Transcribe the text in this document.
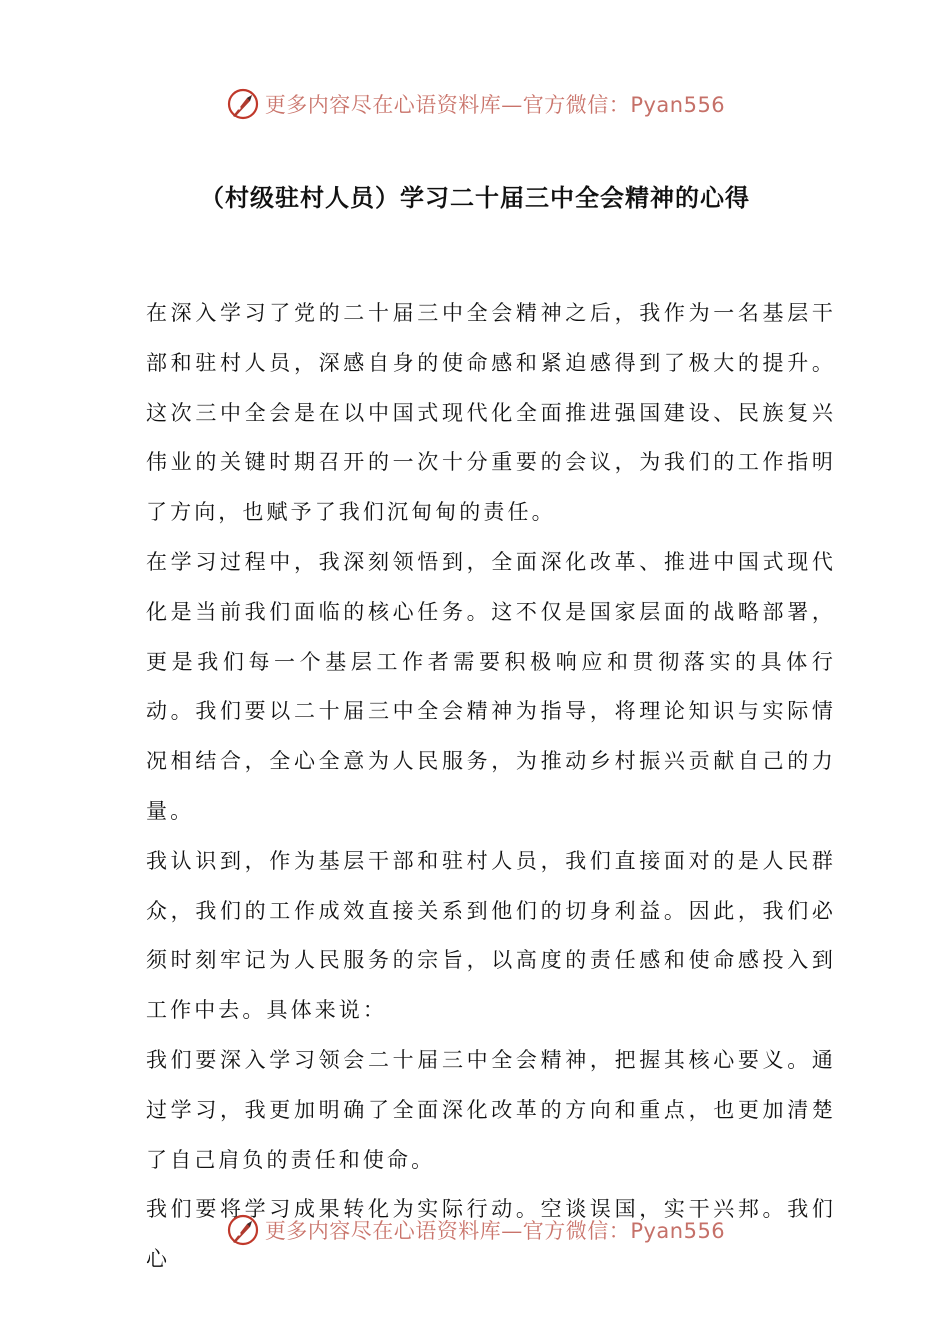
更多内容尽在心语资料库—官方微信：Pyan556
（村级驻村人员）学习二十届三中全会精神的心得

在深入学习了党的二十届三中全会精神之后，我作为一名基层干部和驻村人员，深感自身的使命感和紧迫感得到了极大的提升。这次三中全会是在以中国式现代化全面推进强国建设、民族复兴伟业的关键时期召开的一次十分重要的会议，为我们的工作指明了方向，也赋予了我们沉甸甸的责任。

在学习过程中，我深刻领悟到，全面深化改革、推进中国式现代化是当前我们面临的核心任务。这不仅是国家层面的战略部署，更是我们每一个基层工作者需要积极响应和贯彻落实的具体行动。我们要以二十届三中全会精神为指导，将理论知识与实际情况相结合，全心全意为人民服务，为推动乡村振兴贡献自己的力量。

我认识到，作为基层干部和驻村人员，我们直接面对的是人民群众，我们的工作成效直接关系到他们的切身利益。因此，我们必须时刻牢记为人民服务的宗旨，以高度的责任感和使命感投入到工作中去。具体来说：

我们要深入学习领会二十届三中全会精神，把握其核心要义。通过学习，我更加明确了全面深化改革的方向和重点，也更加清楚了自己肩负的责任和使命。

我们要将学习成果转化为实际行动。空谈误国，实干兴邦。我们心

更多内容尽在心语资料库—官方微信：Pyan556
